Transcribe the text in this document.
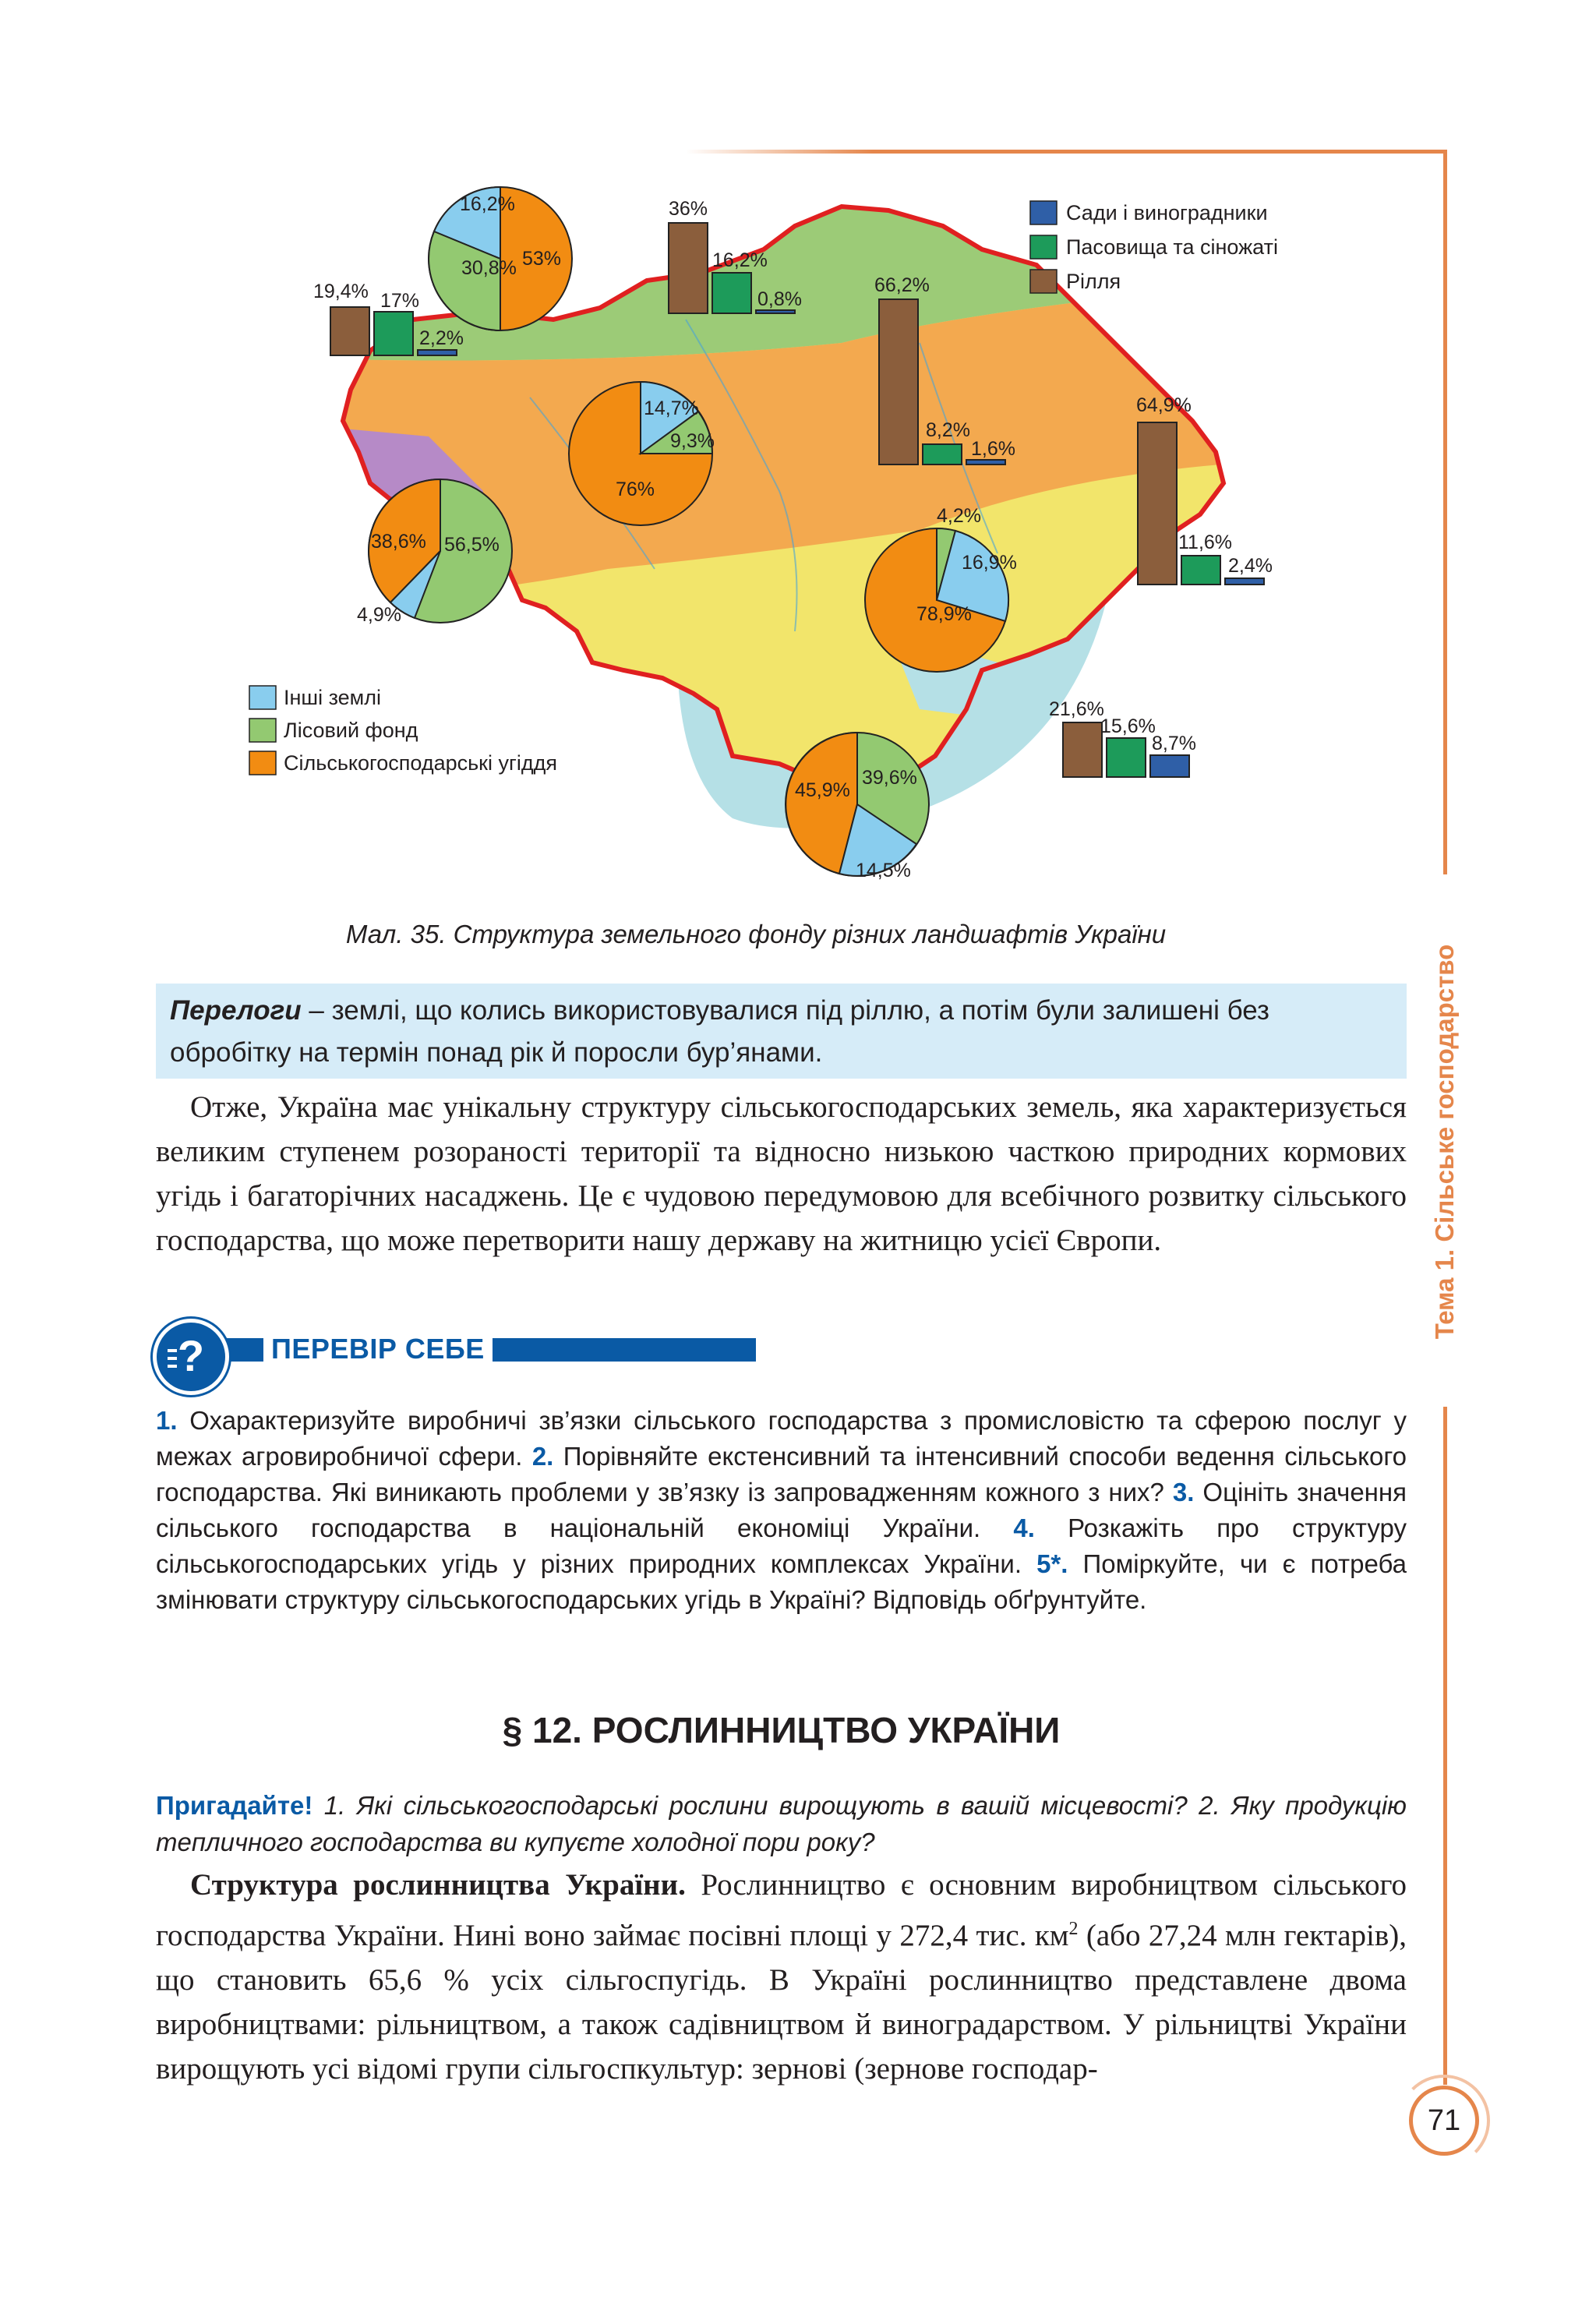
Тема 1. Сільське господарство
Сади і виноградники
Пасовища та сіножаті
Рілля
Інші землі
Лісовий фонд
Сільськогосподарські угіддя
16,2%
30,8% 53%
14,7%
9,3%
76%
38,6% 56,5%
4,9%
4,2%
16,9%
78,9%
45,9%
39,6%
14,5%
19,4% 17%
2,2%
36%
16,2%
0,8%
66,2%
8,2%
1,6%
64,9%
11,6%
2,4%
21,6%
15,6%
8,7%
Мал. 35. Структура земельного фонду різних ландшафтів України
Перелоги – землі, що колись використовувалися під ріллю, а потім були залишені без обробітку на термін понад рік й поросли бур’янами.
Отже, Україна має унікальну структуру сільськогосподарських земель, яка характеризується великим ступенем розораності території та відносно низькою часткою природних кормових угідь і багаторічних насаджень. Це є чудовою передумовою для всебічного розвитку сільського господарства, що може перетворити нашу державу на житницю усієї Європи.
? ПЕРЕВІР СЕБЕ
1. Охарактеризуйте виробничі зв’язки сільського господарства з промисловістю та сферою послуг у межах агровиробничої сфери. 2. Порівняйте екстенсивний та інтенсивний способи ведення сільського господарства. Які виникають проблеми у зв’язку із запровадженням кожного з них? 3. Оцініть значення сільського господарства в національній економіці України. 4. Розкажіть про структуру сільськогосподарських угідь у різних природних комплексах України. 5*. Поміркуйте, чи є потреба змінювати структуру сільськогосподарських угідь в Україні? Відповідь обґрунтуйте.
§ 12. РОСЛИННИЦТВО УКРАЇНИ
Пригадайте! 1. Які сільськогосподарські рослини вирощують в вашій місцевості? 2. Яку продукцію тепличного господарства ви купуєте холодної пори року?
Структура рослинництва України. Рослинництво є основним виробництвом сільського господарства України. Нині воно займає посівні площі у 272,4 тис. $км^2$ (або 27,24 млн гектарів), що становить 65,6 % усіх сільгоспугідь. В Україні рослинництво представлене двома виробництвами: рільництвом, а також садівництвом й виноградарством. У рільництві України вирощують усі відомі групи сільгоспкультур: зернові (зернове господар-
71
